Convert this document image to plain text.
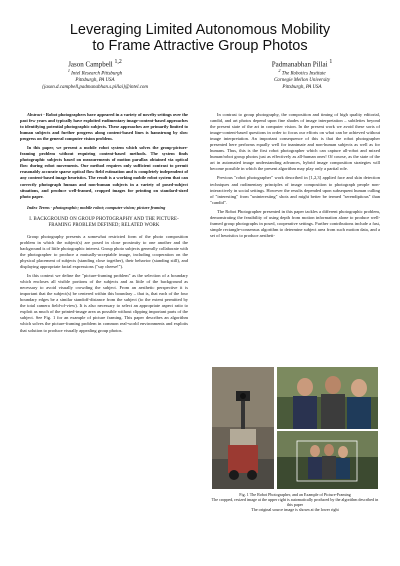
Leveraging Limited Autonomous Mobility
to Frame Attractive Group Photos
Jason Campbell $^{1,2}$
$^1$ Intel Research Pittsburgh
Pittsburgh, PA USA
{jason.d.campbell,padmanabhan.s.pillai}@intel.com
Padmanabhan Pillai $^1$
$^2$ The Robotics Institute
Carnegie Mellon University
Pittsburgh, PA USA

Abstract - Robot photographers have appeared in a variety of novelty settings over the past few years and typically have exploited rudimentary image-content-based approaches to identifying potential photographic subjects. These approaches are primarily limited to human subjects and further progress along content-based lines is hamstrung by slow progress on the general computer vision problem.

In this paper, we present a mobile robot system which solves the group-picture-framing problem without requiring content-based methods. The system finds photographic subjects based on measurements of motion parallax obtained via optical flow during robot movements. Our method requires only sufficient contrast to permit reasonably accurate sparse optical flow field estimation and is completely independent of any content-based image heuristics. The result is a working mobile robot system that can correctly photograph human and non-human subjects in a variety of posed-subject situations, and produce well-framed, cropped images for printing on standard-sized photo paper.

Index Terms - photographic; mobile robot; computer vision; picture framing
I. BACKGROUND ON GROUP PHOTOGRAPHY AND THE PICTURE-FRAMING PROBLEM DEFINED; RELATED WORK

Group photography presents a somewhat restricted form of the photo composition problem in which the subject(s) are posed in close proximity to one another and the background is of little photographic interest. Group photo subjects generally collaborate with the photographer to produce a mutually-acceptable image, including cooperation on the physical placement of subjects (standing close together), their behavior (standing still), and displaying appropriate facial expressions ("say cheese!").

In this context we define the "picture-framing problem" as the selection of a boundary which encloses all visible portions of the subjects and as little of the background as necessary to avoid visually crowding the subject. From an aesthetic perspective it is important that the subject(s) be centered within this boundary – that is, that each of the four boundary edges be a similar standoff-distance from the subject (to the extent permitted by the total camera field-of-view). It is also necessary to select an appropriate aspect ratio to exploit as much of the printed-image area as possible without clipping important parts of the subject. See Fig. 1 for an example of picture framing. This paper describes an algorithm which solves the picture-framing problem in common real-world environments and exploits that solution to produce visually appealing group photos.

In contrast to group photography, the composition and timing of high quality editorial, candid, and art photos depend upon fine shades of image interpretation – subtleties beyond the present state of the art in computer vision. In the present work we avoid these sorts of image-content-based questions in order to focus our efforts on what can be achieved without image interpretation. An important consequence of this is that the robot photographer presented here performs equally well for inanimate and non-human subjects as well as for humans. Thus, this is the first robot photographer which can capture all-robot and mixed human/robot group photos just as effectively as all-human ones! Of course, as the state of the art in automated image understanding advances, hybrid image composition strategies will become possible in which the present algorithm may play only a partial role.

Previous "robot photographer" work described in [1,2,3] applied face and skin detection techniques and rudimentary principles of image composition to photograph people non-interactively in social settings. However the results depended upon subsequent human culling of "interesting" from "uninteresting" shots and might better be termed "serendipitous" than "candid".

The Robot Photographer presented in this paper tackles a different photographic problem, demonstrating the feasibility of using depth from motion information alone to produce well-framed group photographs in posed, cooperative settings. Further contributions include a fast, simple rectangle-consensus algorithm to determine subject area from such motion data, and a set of heuristics to produce aestheti-

Fig. 1 The Robot Photographer, and an Example of Picture-Framing
The cropped, resized image at the upper right is automatically produced by the algorithm described in this paper
The original source image is shown at the lower right
